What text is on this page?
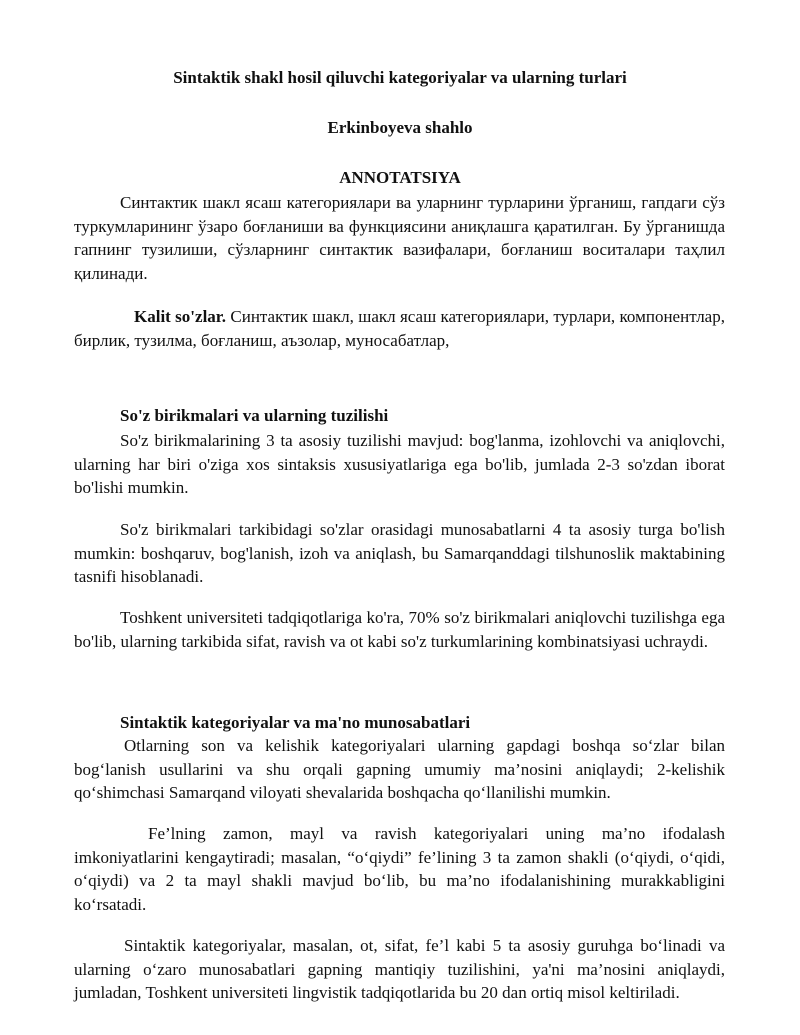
Sintaktik shakl hosil qiluvchi kategoriyalar va ularning turlari

Erkinboyeva shahlo

ANNOTATSIYA

Синтактик шакл ясаш категориялари ва уларнинг турларини ўрганиш, гапдаги сўз туркумларининг ўзаро боғланиши ва функциясини аниқлашга қаратилган. Бу ўрганишда гапнинг тузилиши, сўзларнинг синтактик вазифалари, боғланиш воситалари таҳлил қилинади.

Kalit so'zlar. Синтактик шакл, шакл ясаш категориялари, турлари, компонентлар, бирлик, тузилма, боғланиш, аъзолар, муносабатлар,

So'z birikmalari va ularning tuzilishi

So'z birikmalarining 3 ta asosiy tuzilishi mavjud: bog'lanma, izohlovchi va aniqlovchi, ularning har biri o'ziga xos sintaksis xususiyatlariga ega bo'lib, jumlada 2-3 so'zdan iborat bo'lishi mumkin.

So'z birikmalari tarkibidagi so'zlar orasidagi munosabatlarni 4 ta asosiy turga bo'lish mumkin: boshqaruv, bog'lanish, izoh va aniqlash, bu Samarqanddagi tilshunoslik maktabining tasnifi hisoblanadi.

Toshkent universiteti tadqiqotlariga ko'ra, 70% so'z birikmalari aniqlovchi tuzilishga ega bo'lib, ularning tarkibida sifat, ravish va ot kabi so'z turkumlarining kombinatsiyasi uchraydi.

Sintaktik kategoriyalar va ma'no munosabatlari

Otlarning son va kelishik kategoriyalari ularning gapdagi boshqa so‘zlar bilan bog‘lanish usullarini va shu orqali gapning umumiy ma’nosini aniqlaydi; 2-kelishik qo‘shimchasi Samarqand viloyati shevalarida boshqacha qo‘llanilishi mumkin.

Fe’lning zamon, mayl va ravish kategoriyalari uning ma’no ifodalash imkoniyatlarini kengaytiradi; masalan, “o‘qiydi” fe’lining 3 ta zamon shakli (o‘qiydi, o‘qidi, o‘qiydi) va 2 ta mayl shakli mavjud bo‘lib, bu ma’no ifodalanishining murakkabligini ko‘rsatadi.

Sintaktik kategoriyalar, masalan, ot, sifat, fe’l kabi 5 ta asosiy guruhga bo‘linadi va ularning o‘zaro munosabatlari gapning mantiqiy tuzilishini, ya'ni ma’nosini aniqlaydi, jumladan, Toshkent universiteti lingvistik tadqiqotlarida bu 20 dan ortiq misol keltiriladi.
